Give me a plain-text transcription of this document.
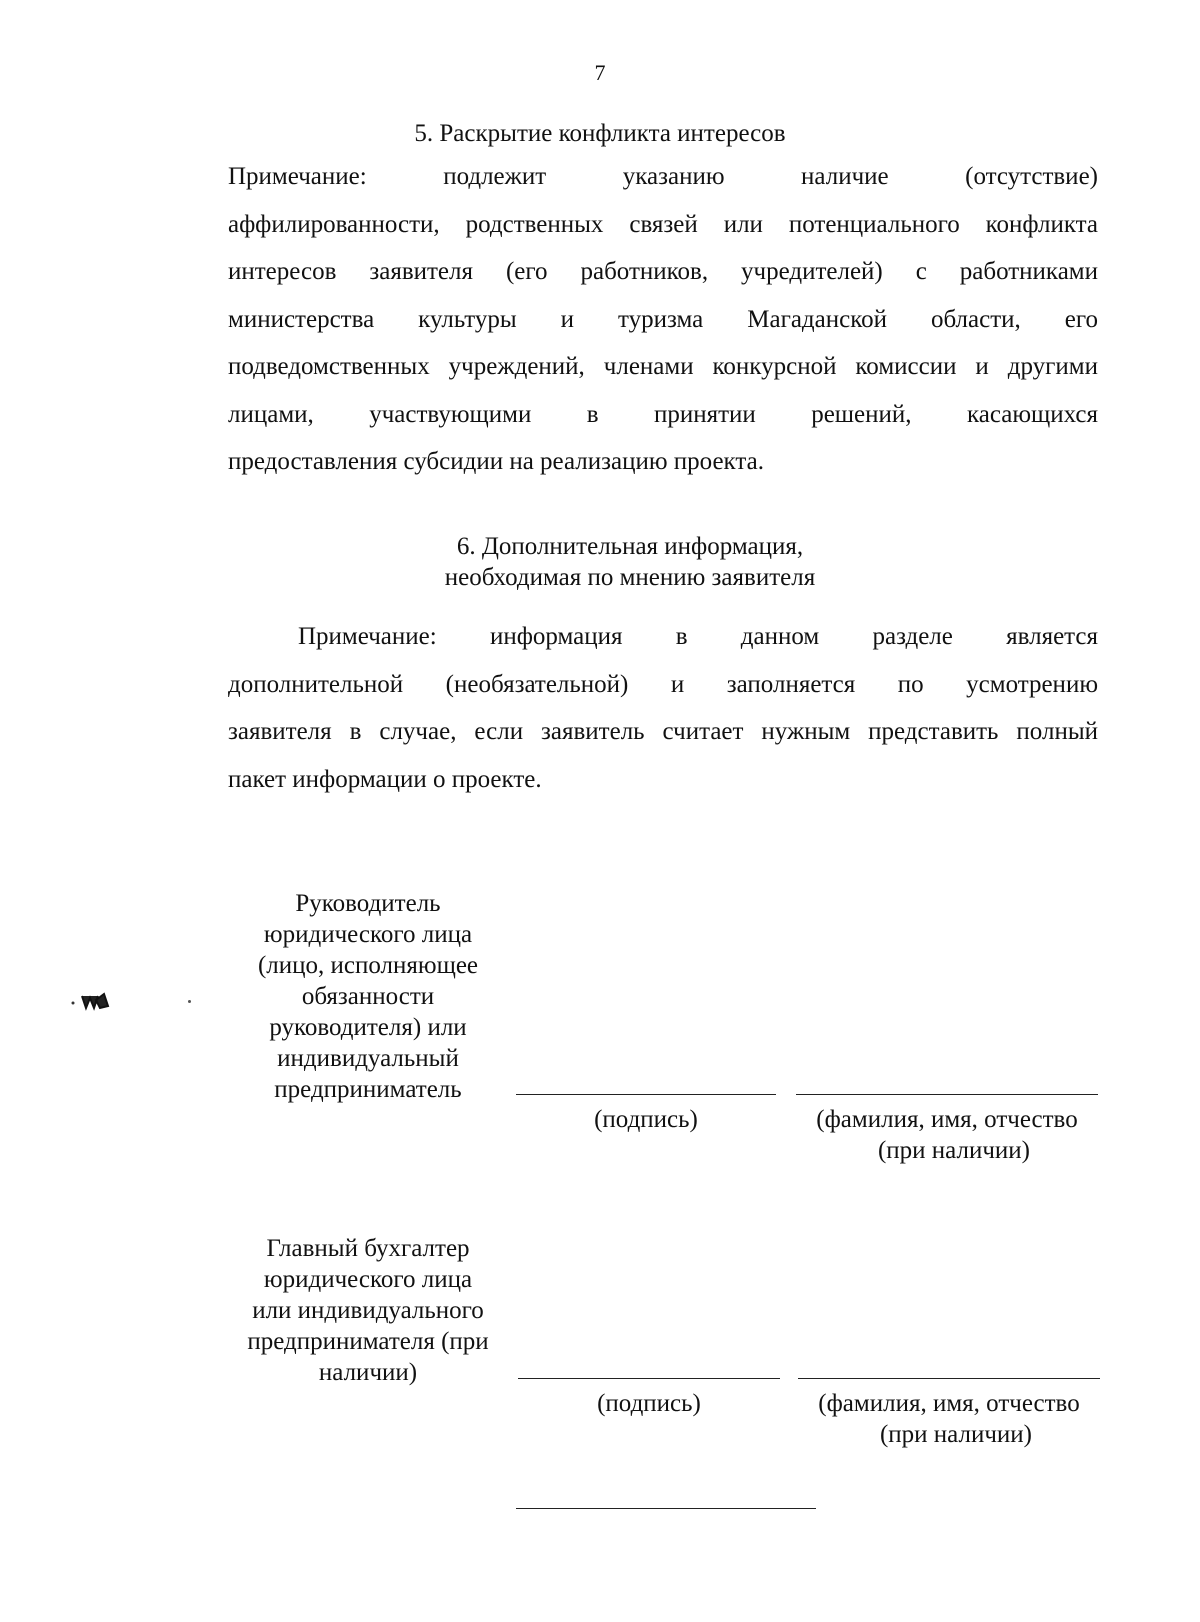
7
5. Раскрытие конфликта интересов
Примечание: подлежит указанию наличие (отсутствие)
аффилированности, родственных связей или потенциального конфликта
интересов заявителя (его работников, учредителей) с работниками
министерства культуры и туризма Магаданской области, его
подведомственных учреждений, членами конкурсной комиссии и другими
лицами, участвующими в принятии решений, касающихся
предоставления субсидии на реализацию проекта.
6. Дополнительная информация,
необходимая по мнению заявителя
Примечание: информация в данном разделе является
дополнительной (необязательной) и заполняется по усмотрению
заявителя в случае, если заявитель считает нужным представить полный
пакет информации о проекте.
Руководитель
юридического лица
(лицо, исполняющее
обязанности
руководителя) или
индивидуальный
предприниматель
(подпись)	(фамилия, имя, отчество
(при наличии)
Главный бухгалтер
юридического лица
или индивидуального
предпринимателя (при
наличии)
(подпись)	(фамилия, имя, отчество
(при наличии)
